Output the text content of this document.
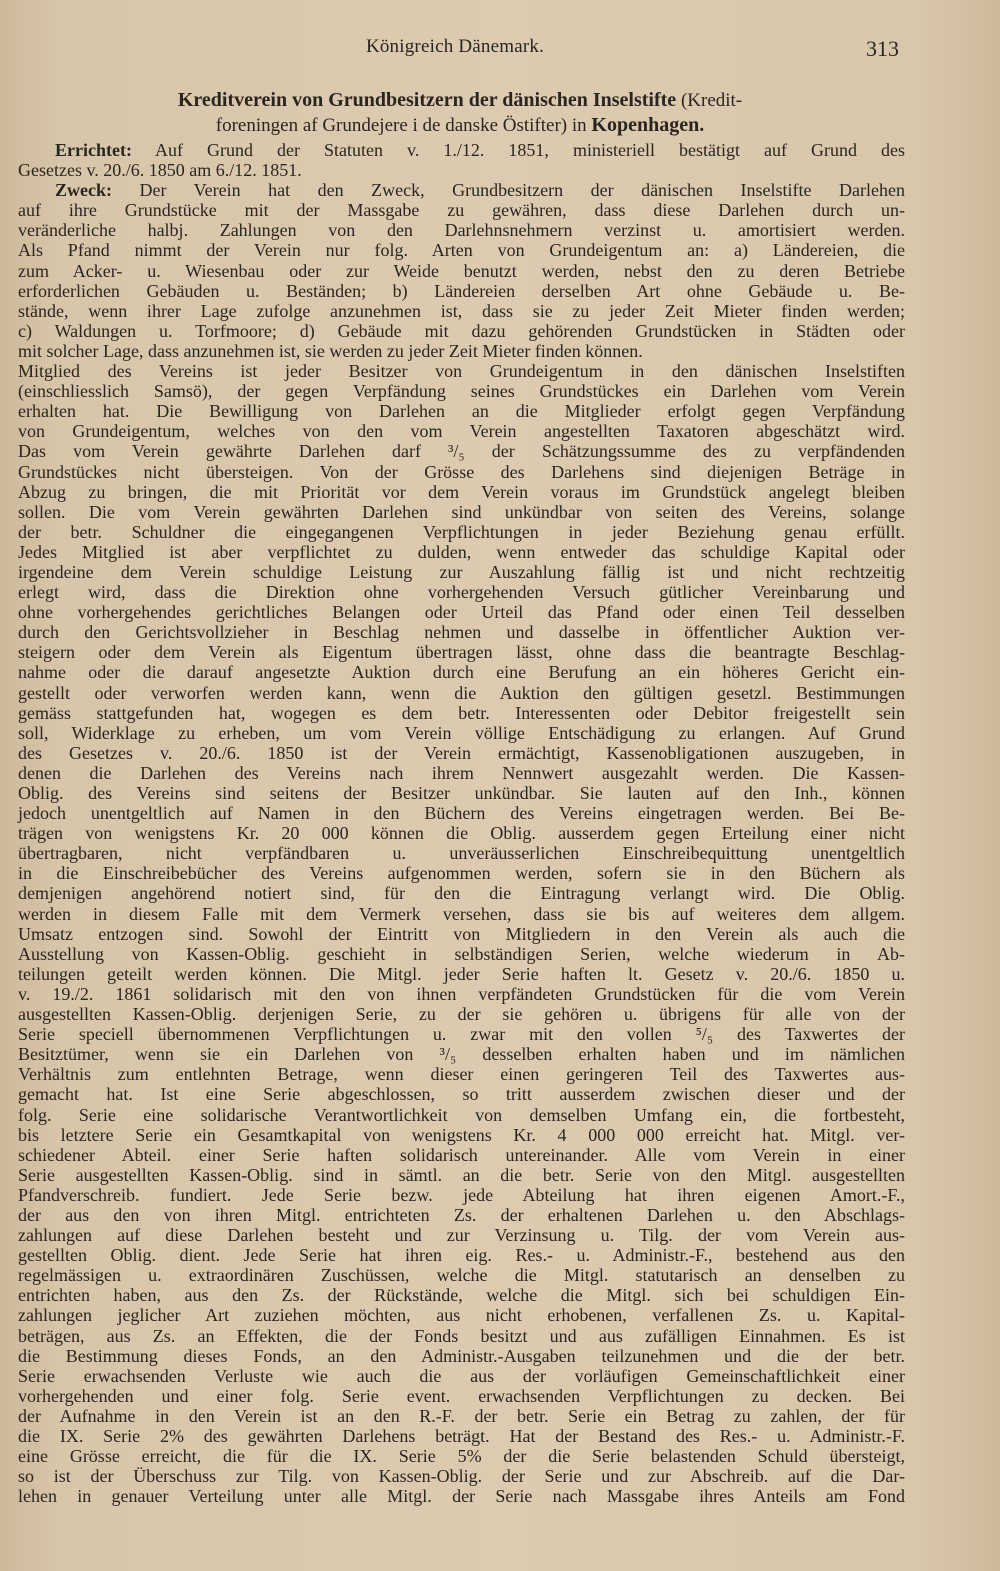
Königreich Dänemark.	313
Kreditverein von Grundbesitzern der dänischen Inselstifte (Kredit-
foreningen af Grundejere i de danske Östifter) in Kopenhagen.
Errichtet: Auf Grund der Statuten v. 1./12. 1851, ministeriell bestätigt auf Grund des
Gesetzes v. 20./6. 1850 am 6./12. 1851.
Zweck: Der Verein hat den Zweck, Grundbesitzern der dänischen Inselstifte Darlehen
auf ihre Grundstücke mit der Massgabe zu gewähren, dass diese Darlehen durch un-
veränderliche halbj. Zahlungen von den Darlehnsnehmern verzinst u. amortisiert werden.
Als Pfand nimmt der Verein nur folg. Arten von Grundeigentum an: a) Ländereien, die
zum Acker- u. Wiesenbau oder zur Weide benutzt werden, nebst den zu deren Betriebe
erforderlichen Gebäuden u. Beständen; b) Ländereien derselben Art ohne Gebäude u. Be-
stände, wenn ihrer Lage zufolge anzunehmen ist, dass sie zu jeder Zeit Mieter finden werden;
c) Waldungen u. Torfmoore; d) Gebäude mit dazu gehörenden Grundstücken in Städten oder
mit solcher Lage, dass anzunehmen ist, sie werden zu jeder Zeit Mieter finden können.
Mitglied des Vereins ist jeder Besitzer von Grundeigentum in den dänischen Inselstiften
(einschliesslich Samsö), der gegen Verpfändung seines Grundstückes ein Darlehen vom Verein
erhalten hat. Die Bewilligung von Darlehen an die Mitglieder erfolgt gegen Verpfändung
von Grundeigentum, welches von den vom Verein angestellten Taxatoren abgeschätzt wird.
Das vom Verein gewährte Darlehen darf ³/₅ der Schätzungssumme des zu verpfändenden
Grundstückes nicht übersteigen. Von der Grösse des Darlehens sind diejenigen Beträge in
Abzug zu bringen, die mit Priorität vor dem Verein voraus im Grundstück angelegt bleiben
sollen. Die vom Verein gewährten Darlehen sind unkündbar von seiten des Vereins, solange
der betr. Schuldner die eingegangenen Verpflichtungen in jeder Beziehung genau erfüllt.
Jedes Mitglied ist aber verpflichtet zu dulden, wenn entweder das schuldige Kapital oder
irgendeine dem Verein schuldige Leistung zur Auszahlung fällig ist und nicht rechtzeitig
erlegt wird, dass die Direktion ohne vorhergehenden Versuch gütlicher Vereinbarung und
ohne vorhergehendes gerichtliches Belangen oder Urteil das Pfand oder einen Teil desselben
durch den Gerichtsvollzieher in Beschlag nehmen und dasselbe in öffentlicher Auktion ver-
steigern oder dem Verein als Eigentum übertragen lässt, ohne dass die beantragte Beschlag-
nahme oder die darauf angesetzte Auktion durch eine Berufung an ein höheres Gericht ein-
gestellt oder verworfen werden kann, wenn die Auktion den gültigen gesetzl. Bestimmungen
gemäss stattgefunden hat, wogegen es dem betr. Interessenten oder Debitor freigestellt sein
soll, Widerklage zu erheben, um vom Verein völlige Entschädigung zu erlangen. Auf Grund
des Gesetzes v. 20./6. 1850 ist der Verein ermächtigt, Kassenobligationen auszugeben, in
denen die Darlehen des Vereins nach ihrem Nennwert ausgezahlt werden. Die Kassen-
Oblig. des Vereins sind seitens der Besitzer unkündbar. Sie lauten auf den Inh., können
jedoch unentgeltlich auf Namen in den Büchern des Vereins eingetragen werden. Bei Be-
trägen von wenigstens Kr. 20 000 können die Oblig. ausserdem gegen Erteilung einer nicht
übertragbaren, nicht verpfändbaren u. unveräusserlichen Einschreibequittung unentgeltlich
in die Einschreibebücher des Vereins aufgenommen werden, sofern sie in den Büchern als
demjenigen angehörend notiert sind, für den die Eintragung verlangt wird. Die Oblig.
werden in diesem Falle mit dem Vermerk versehen, dass sie bis auf weiteres dem allgem.
Umsatz entzogen sind. Sowohl der Eintritt von Mitgliedern in den Verein als auch die
Ausstellung von Kassen-Oblig. geschieht in selbständigen Serien, welche wiederum in Ab-
teilungen geteilt werden können. Die Mitgl. jeder Serie haften lt. Gesetz v. 20./6. 1850 u.
v. 19./2. 1861 solidarisch mit den von ihnen verpfändeten Grundstücken für die vom Verein
ausgestellten Kassen-Oblig. derjenigen Serie, zu der sie gehören u. übrigens für alle von der
Serie speciell übernommenen Verpflichtungen u. zwar mit den vollen ⁵/₅ des Taxwertes der
Besitztümer, wenn sie ein Darlehen von ³/₅ desselben erhalten haben und im nämlichen
Verhältnis zum entlehnten Betrage, wenn dieser einen geringeren Teil des Taxwertes aus-
gemacht hat. Ist eine Serie abgeschlossen, so tritt ausserdem zwischen dieser und der
folg. Serie eine solidarische Verantwortlichkeit von demselben Umfang ein, die fortbesteht,
bis letztere Serie ein Gesamtkapital von wenigstens Kr. 4 000 000 erreicht hat. Mitgl. ver-
schiedener Abteil. einer Serie haften solidarisch untereinander. Alle vom Verein in einer
Serie ausgestellten Kassen-Oblig. sind in sämtl. an die betr. Serie von den Mitgl. ausgestellten
Pfandverschreib. fundiert. Jede Serie bezw. jede Abteilung hat ihren eigenen Amort.-F.,
der aus den von ihren Mitgl. entrichteten Zs. der erhaltenen Darlehen u. den Abschlags-
zahlungen auf diese Darlehen besteht und zur Verzinsung u. Tilg. der vom Verein aus-
gestellten Oblig. dient. Jede Serie hat ihren eig. Res.- u. Administr.-F., bestehend aus den
regelmässigen u. extraordinären Zuschüssen, welche die Mitgl. statutarisch an denselben zu
entrichten haben, aus den Zs. der Rückstände, welche die Mitgl. sich bei schuldigen Ein-
zahlungen jeglicher Art zuziehen möchten, aus nicht erhobenen, verfallenen Zs. u. Kapital-
beträgen, aus Zs. an Effekten, die der Fonds besitzt und aus zufälligen Einnahmen. Es ist
die Bestimmung dieses Fonds, an den Administr.-Ausgaben teilzunehmen und die der betr.
Serie erwachsenden Verluste wie auch die aus der vorläufigen Gemeinschaftlichkeit einer
vorhergehenden und einer folg. Serie event. erwachsenden Verpflichtungen zu decken. Bei
der Aufnahme in den Verein ist an den R.-F. der betr. Serie ein Betrag zu zahlen, der für
die IX. Serie 2% des gewährten Darlehens beträgt. Hat der Bestand des Res.- u. Administr.-F.
eine Grösse erreicht, die für die IX. Serie 5% der die Serie belastenden Schuld übersteigt,
so ist der Überschuss zur Tilg. von Kassen-Oblig. der Serie und zur Abschreib. auf die Dar-
lehen in genauer Verteilung unter alle Mitgl. der Serie nach Massgabe ihres Anteils am Fond
